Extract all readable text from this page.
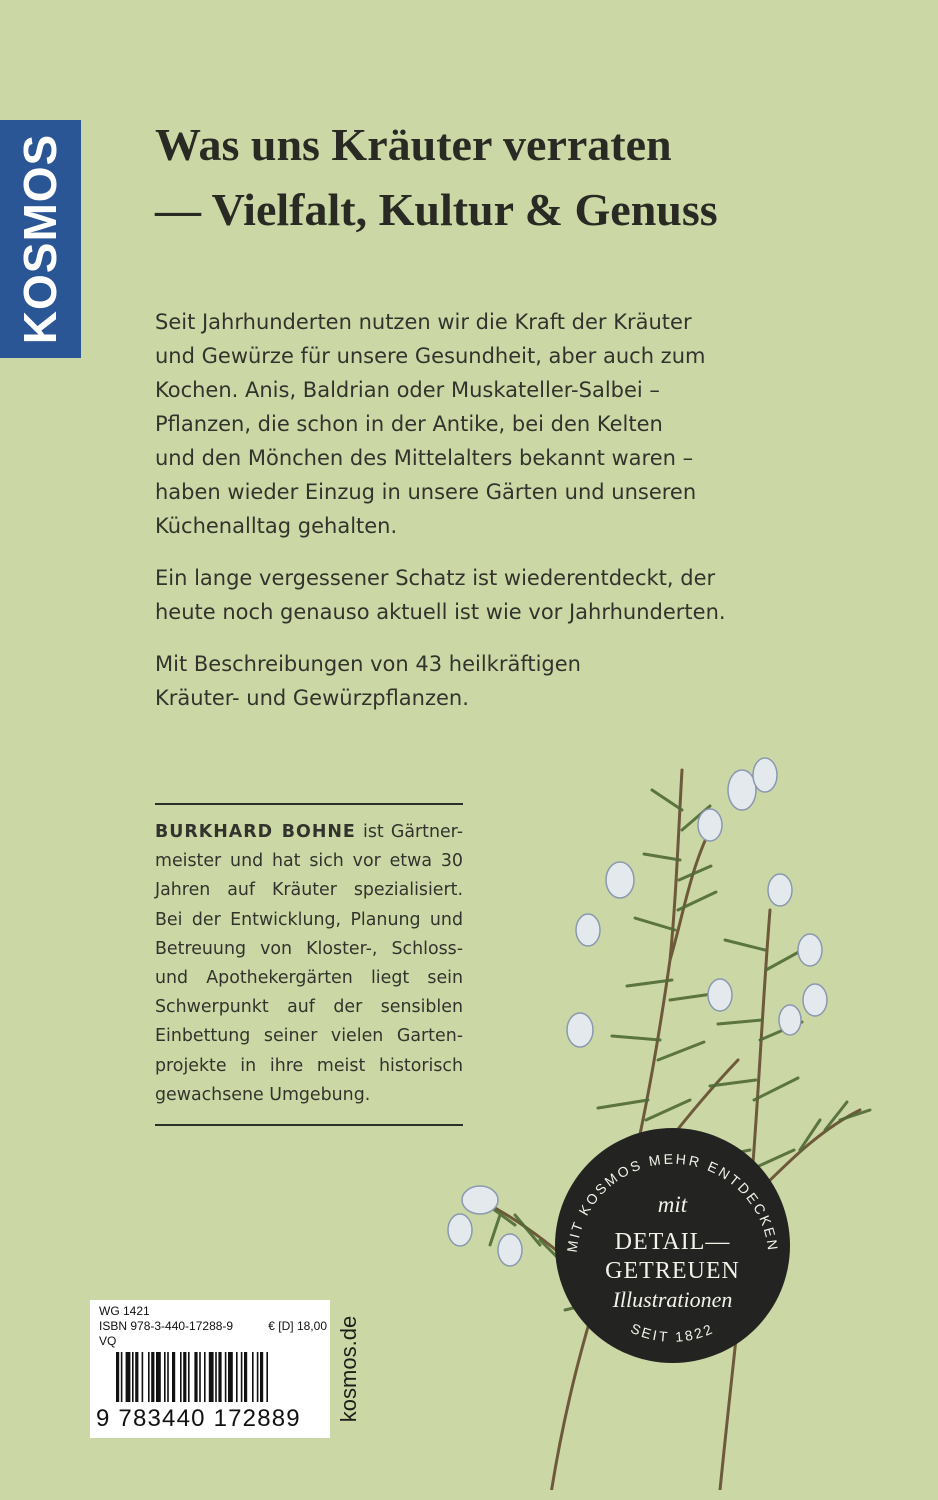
KOSMOS Was uns Kräuter verraten
— Vielfalt, Kultur & Genuss

Seit Jahrhunderten nutzen wir die Kraft der Kräuter
und Gewürze für unsere Gesundheit, aber auch zum
Kochen. Anis, Baldrian oder Muskateller-Salbei –
Pflanzen, die schon in der Antike, bei den Kelten
und den Mönchen des Mittelalters bekannt waren –
haben wieder Einzug in unsere Gärten und unseren
Küchenalltag gehalten.

Ein lange vergessener Schatz ist wiederentdeckt, der
heute noch genauso aktuell ist wie vor Jahrhunderten.

Mit Beschreibungen von 43 heilkräftigen
Kräuter- und Gewürzpflanzen.

BURKHARD BOHNE ist Gärtner-
meister und hat sich vor etwa 30
Jahren auf Kräuter spezialisiert.
Bei der Entwicklung, Planung und
Betreuung von Kloster-, Schloss-
und Apothekergärten liegt sein
Schwerpunkt auf der sensiblen
Einbettung seiner vielen Garten-
projekte in ihre meist historisch
gewachsene Umgebung.
MIT KOSMOS MEHR ENTDECKEN
SEIT 1822
mit
DETAIL—
GETREUEN
Illustrationen
WG 1421
ISBN 978-3-440-17288-9	€ [D] 18,00
VQ
9 783440 172889	kosmos.de
